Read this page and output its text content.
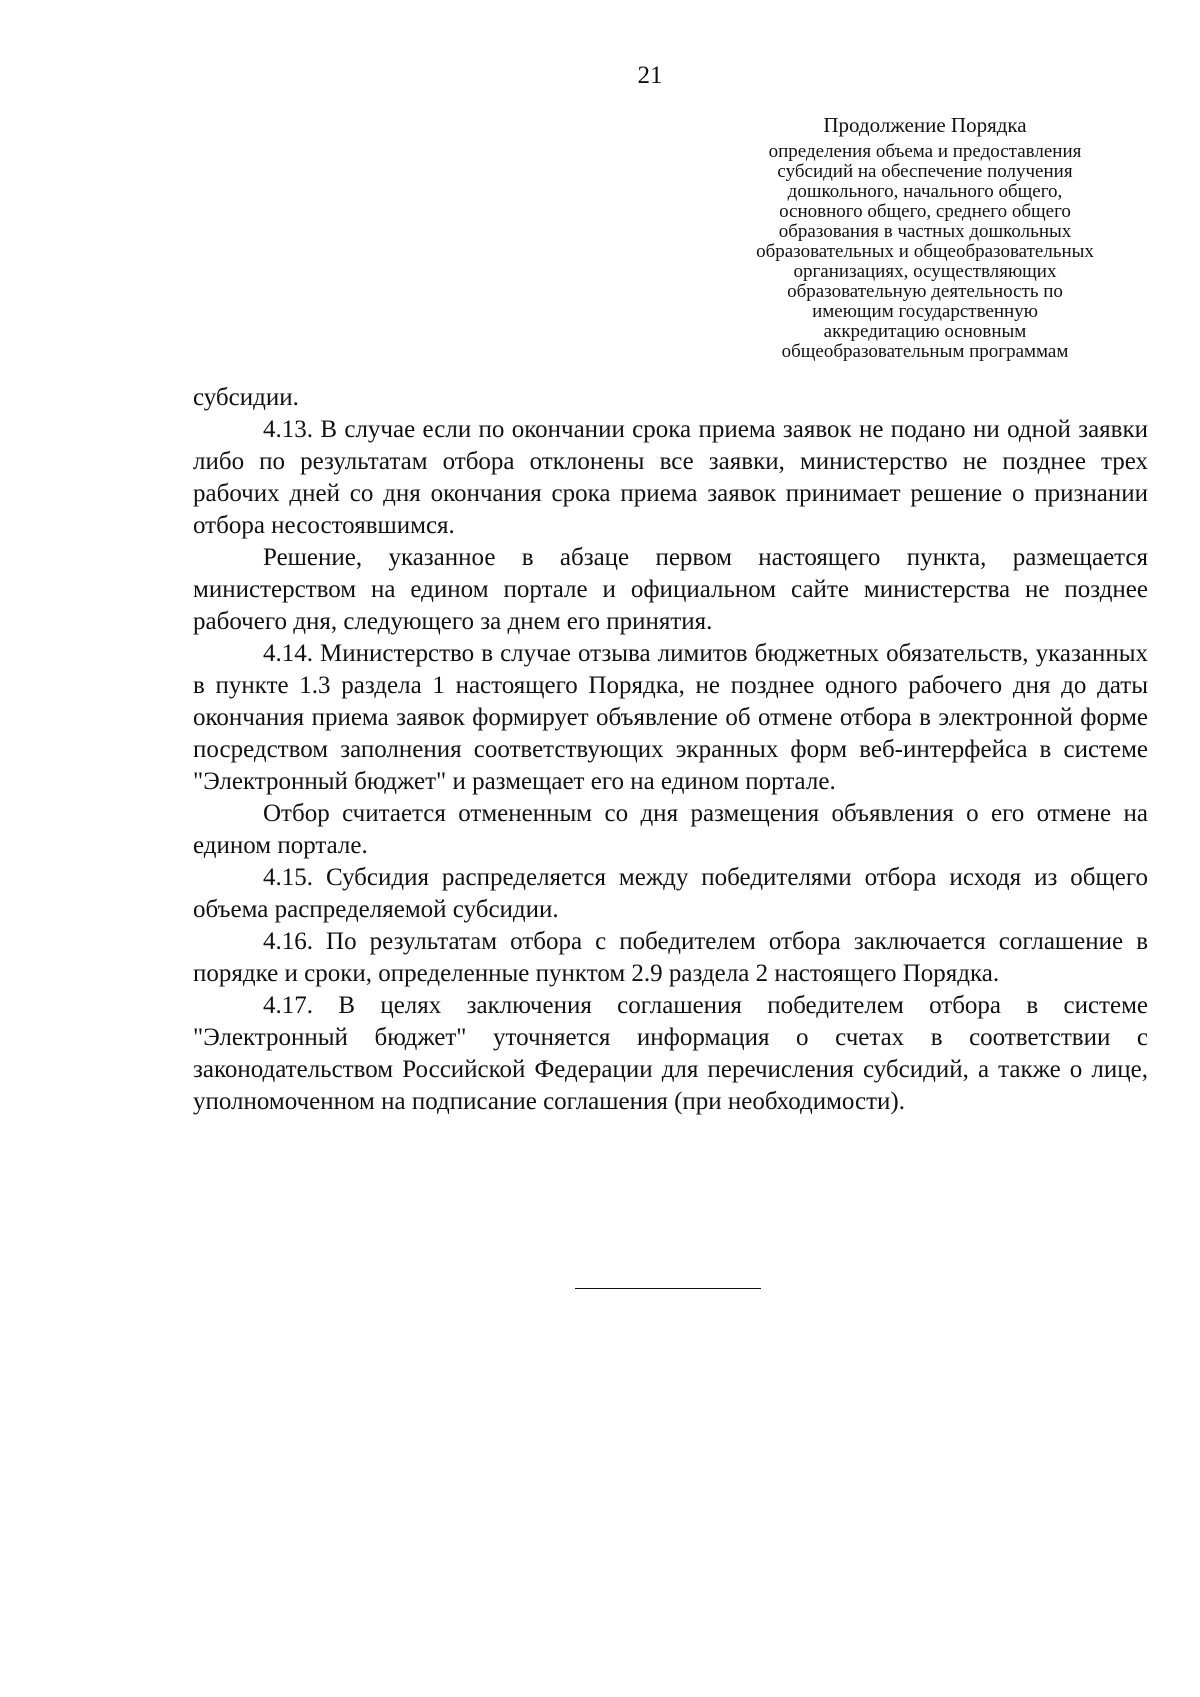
21
Продолжение Порядка
определения объема и предоставления
субсидий на обеспечение получения
дошкольного, начального общего,
основного общего, среднего общего
образования в частных дошкольных
образовательных и общеобразовательных
организациях, осуществляющих
образовательную деятельность по
имеющим государственную
аккредитацию основным
общеобразовательным программам

субсидии.

4.13. В случае если по окончании срока приема заявок не подано ни одной заявки либо по результатам отбора отклонены все заявки, министерство не позднее трех рабочих дней со дня окончания срока приема заявок принимает решение о признании отбора несостоявшимся.

Решение, указанное в абзаце первом настоящего пункта, размещается министерством на едином портале и официальном сайте министерства не позднее рабочего дня, следующего за днем его принятия.

4.14. Министерство в случае отзыва лимитов бюджетных обязательств, указанных в пункте 1.3 раздела 1 настоящего Порядка, не позднее одного рабочего дня до даты окончания приема заявок формирует объявление об отмене отбора в электронной форме посредством заполнения соответствующих экранных форм веб-интерфейса в системе "Электронный бюджет" и размещает его на едином портале.

Отбор считается отмененным со дня размещения объявления о его отмене на едином портале.

4.15. Субсидия распределяется между победителями отбора исходя из общего объема распределяемой субсидии.

4.16. По результатам отбора с победителем отбора заключается соглашение в порядке и сроки, определенные пунктом 2.9 раздела 2 настоящего Порядка.

4.17. В целях заключения соглашения победителем отбора в системе "Электронный бюджет" уточняется информация о счетах в соответствии с законодательством Российской Федерации для перечисления субсидий, а также о лице, уполномоченном на подписание соглашения (при необходимости).
